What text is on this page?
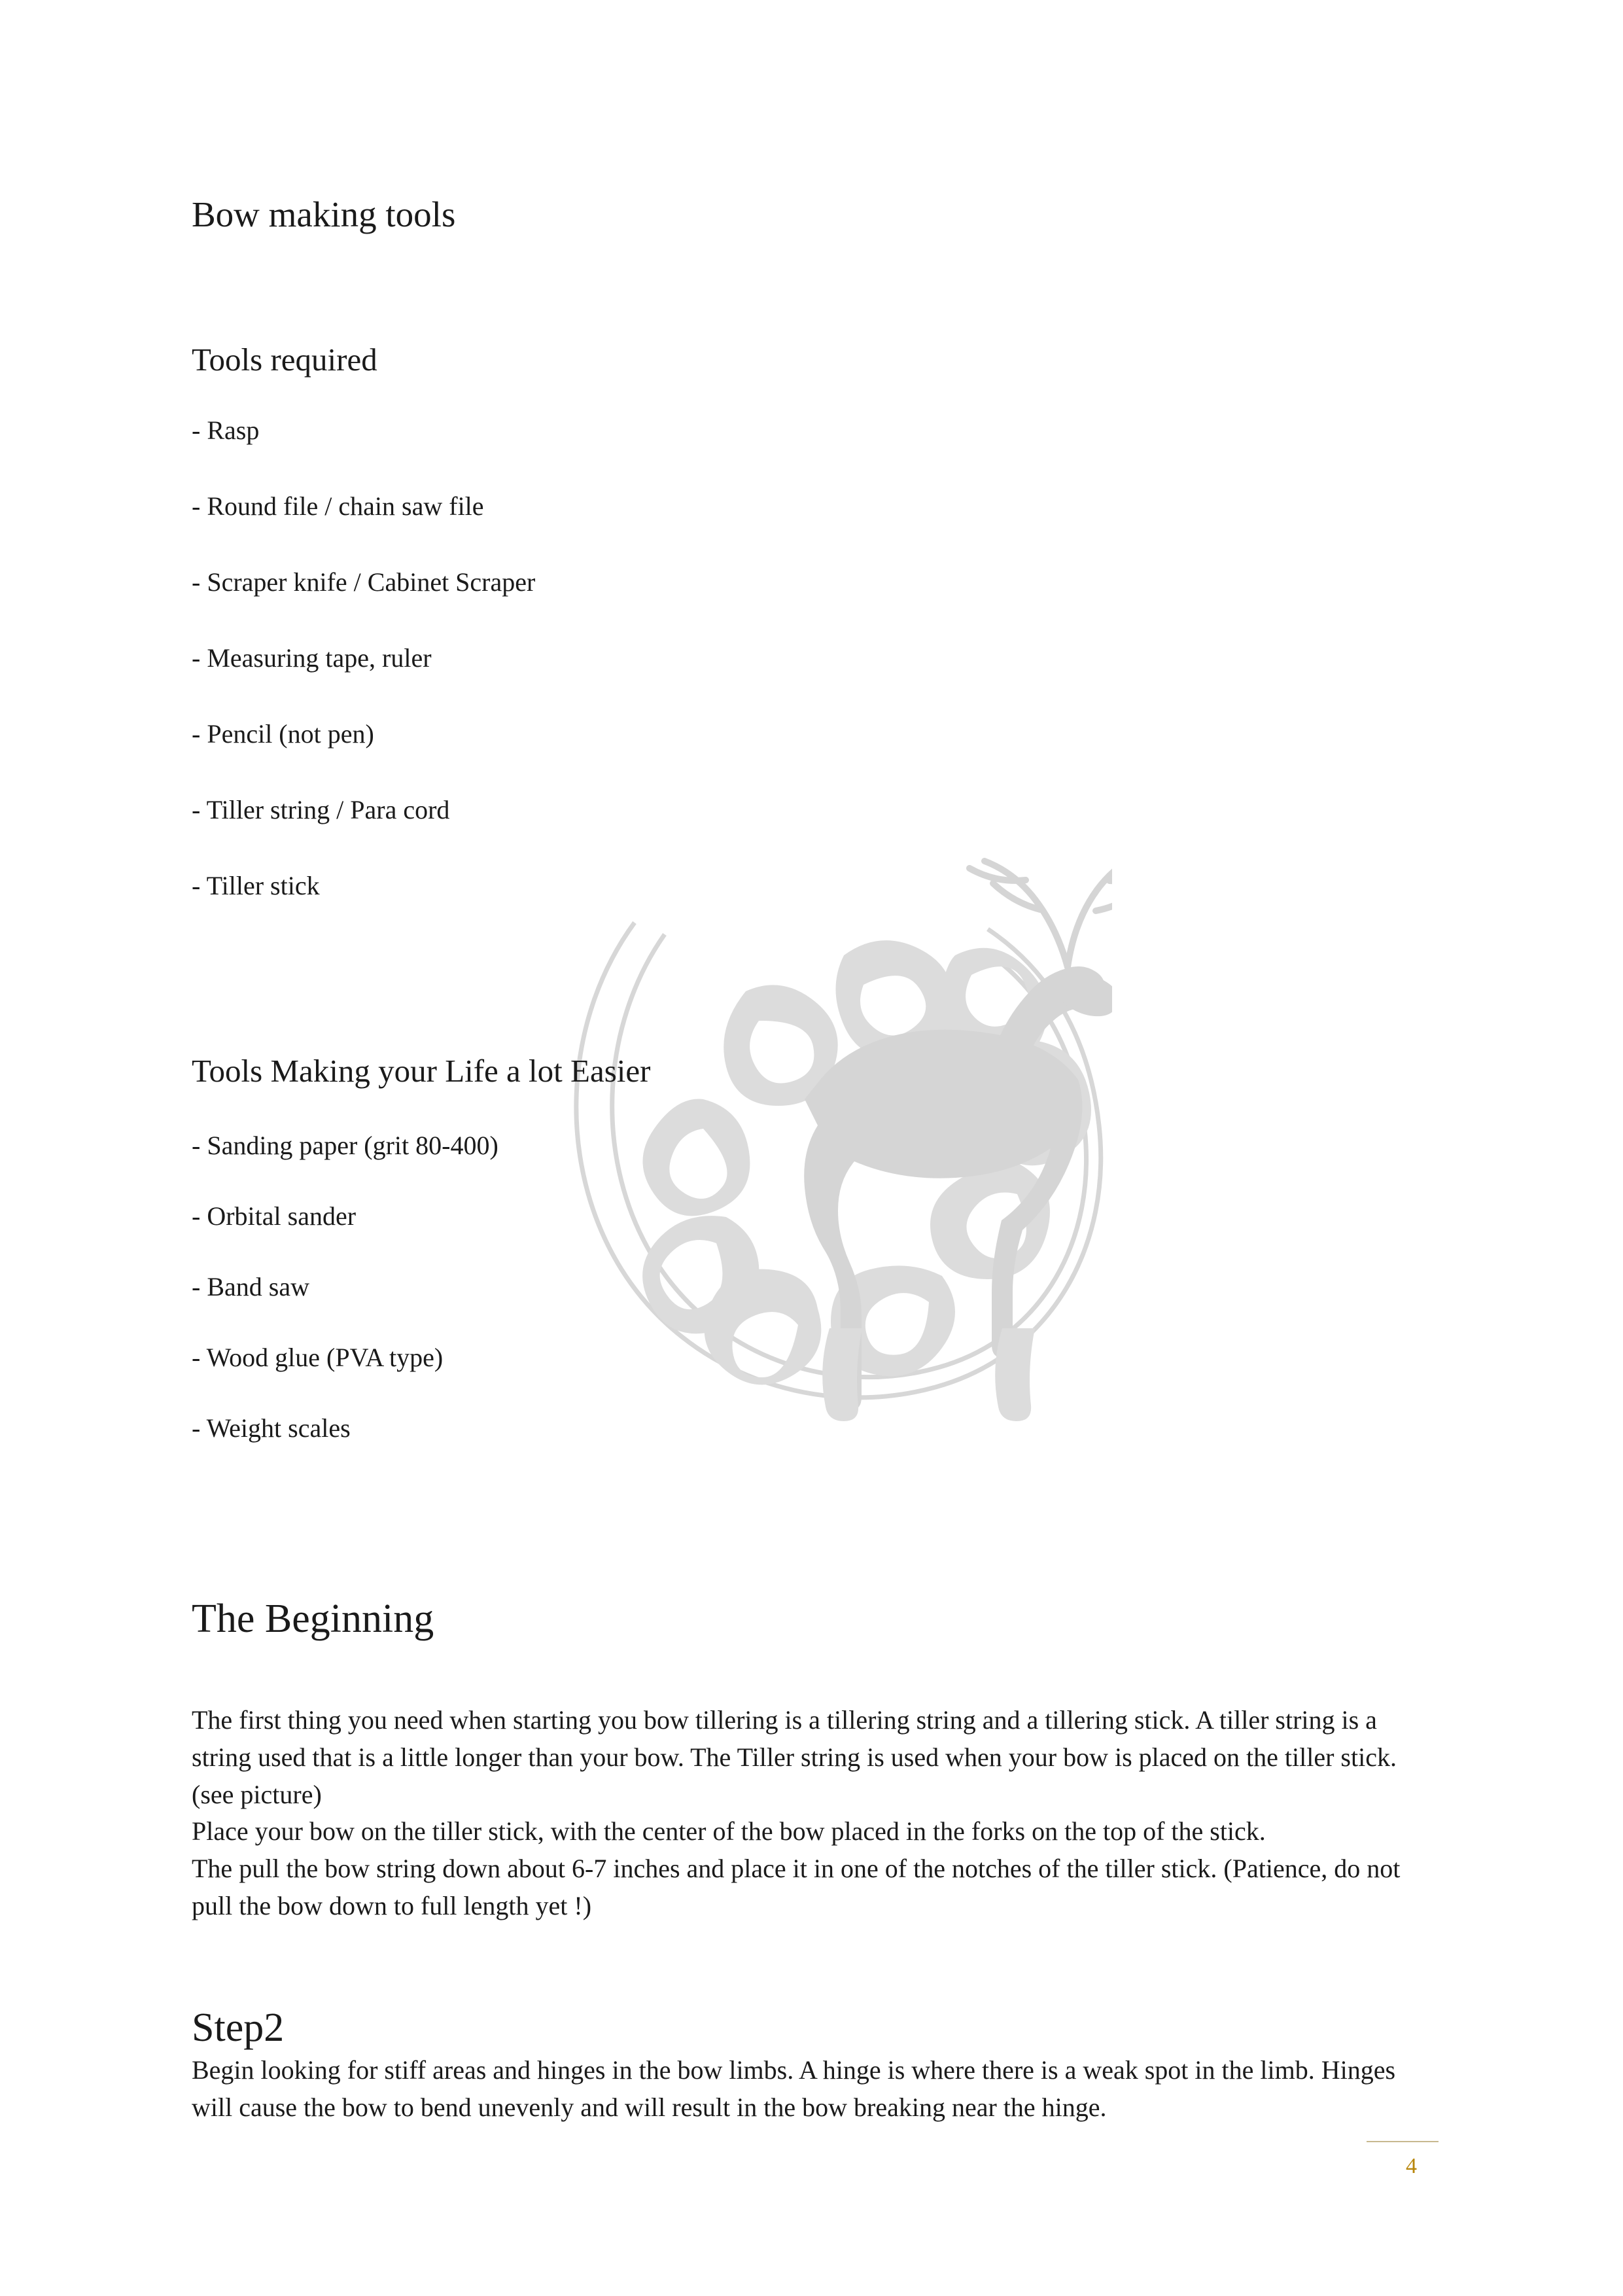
Bow making tools
Tools required

- Rasp

- Round file / chain saw file

- Scraper knife / Cabinet Scraper

- Measuring tape, ruler

- Pencil (not pen)

- Tiller string / Para cord

- Tiller stick

Tools Making your Life a lot Easier

- Sanding paper (grit 80-400)

- Orbital sander

- Band saw

- Wood glue (PVA type)

- Weight scales

The Beginning

The first thing you need when starting you bow tillering is a tillering string and a tillering stick. A tiller string is a string used that is a little longer than your bow. The Tiller string is used when your bow is placed on the tiller stick. (see picture)

Place your bow on the tiller stick, with the center of the bow placed in the forks on the top of the stick.

The pull the bow string down about 6-7 inches and place it in one of the notches of the tiller stick. (Patience, do not pull the bow down to full length yet !)

Step2

Begin looking for stiff areas and hinges in the bow limbs. A hinge is where there is a weak spot in the limb. Hinges will cause the bow to bend unevenly and will result in the bow breaking near the hinge.

4
